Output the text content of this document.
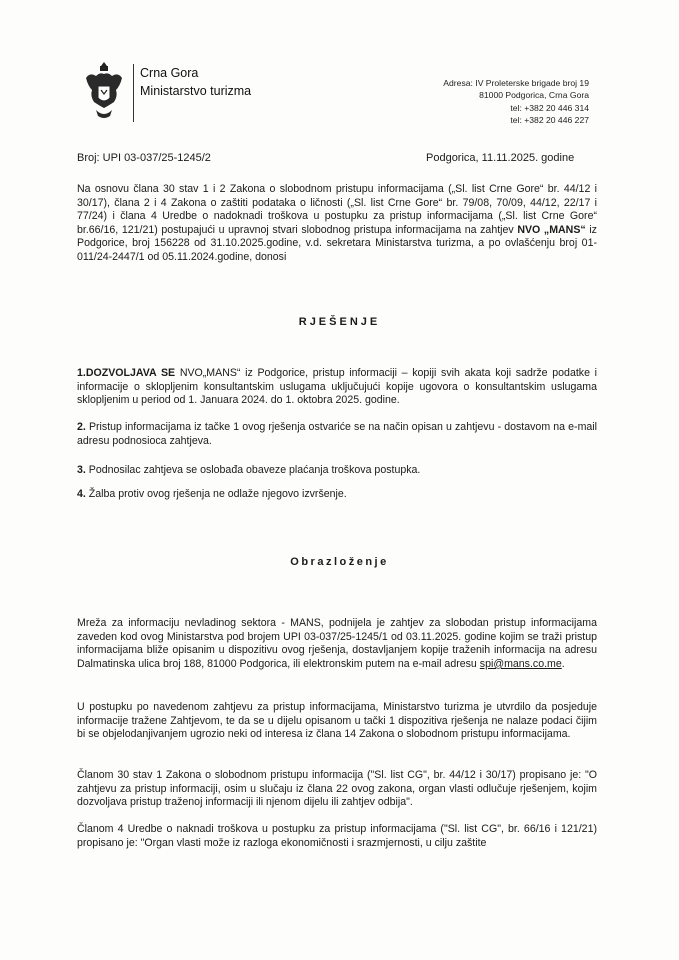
Crna Gora
Ministarstvo turizma
Adresa: IV Proleterske brigade broj 19
81000 Podgorica, Crna Gora
tel: +382 20 446 314
tel: +382 20 446 227
Broj: UPI 03-037/25-1245/2	Podgorica, 11.11.2025. godine
Na osnovu člana 30 stav 1 i 2 Zakona o slobodnom pristupu informacijama („Sl. list Crne Gore“ br. 44/12 i 30/17), člana 2 i 4 Zakona o zaštiti podataka o ličnosti („Sl. list Crne Gore“ br. 79/08, 70/09, 44/12, 22/17 i 77/24) i člana 4 Uredbe o nadoknadi troškova u postupku za pristup informacijama („Sl. list Crne Gore“ br.66/16, 121/21) postupajući u upravnoj stvari slobodnog pristupa informacijama na zahtjev NVO „MANS“ iz Podgorice, broj 156228 od 31.10.2025.godine, v.d. sekretara Ministarstva turizma, a po ovlašćenju broj 01-011/24-2447/1 od 05.11.2024.godine, donosi
RJEŠENJE
1.DOZVOLJAVA SE NVO„MANS“ iz Podgorice, pristup informaciji – kopiji svih akata koji sadrže podatke i informacije o sklopljenim konsultantskim uslugama uključujući kopije ugovora o konsultantskim uslugama sklopljenim u period od 1. Januara 2024. do 1. oktobra 2025. godine.
2. Pristup informacijama iz tačke 1 ovog rješenja ostvariće se na način opisan u zahtjevu - dostavom na e-mail adresu podnosioca zahtjeva.
3. Podnosilac zahtjeva se oslobađa obaveze plaćanja troškova postupka.
4. Žalba protiv ovog rješenja ne odlaže njegovo izvršenje.
Obrazloženje
Mreža za informaciju nevladinog sektora - MANS, podnijela je zahtjev za slobodan pristup informacijama zaveden kod ovog Ministarstva pod brojem UPI 03-037/25-1245/1 od 03.11.2025. godine kojim se traži pristup informacijama bliže opisanim u dispozitivu ovog rješenja, dostavljanjem kopije traženih informacija na adresu Dalmatinska ulica broj 188, 81000 Podgorica, ili elektronskim putem na e-mail adresu spi@mans.co.me.
U postupku po navedenom zahtjevu za pristup informacijama, Ministarstvo turizma je utvrdilo da posjeduje informacije tražene Zahtjevom, te da se u dijelu opisanom u tački 1 dispozitiva rješenja ne nalaze podaci čijim bi se objelodanjivanjem ugrozio neki od interesa iz člana 14 Zakona o slobodnom pristupu informacijama.
Članom 30 stav 1 Zakona o slobodnom pristupu informacija ("Sl. list CG", br. 44/12 i 30/17) propisano je: "O zahtjevu za pristup informaciji, osim u slučaju iz člana 22 ovog zakona, organ vlasti odlučuje rješenjem, kojim dozvoljava pristup traženoj informaciji ili njenom dijelu ili zahtjev odbija".
Članom 4 Uredbe o naknadi troškova u postupku za pristup informacijama ("Sl. list CG", br. 66/16 i 121/21) propisano je: "Organ vlasti može iz razloga ekonomičnosti i srazmjernosti, u cilju zaštite
